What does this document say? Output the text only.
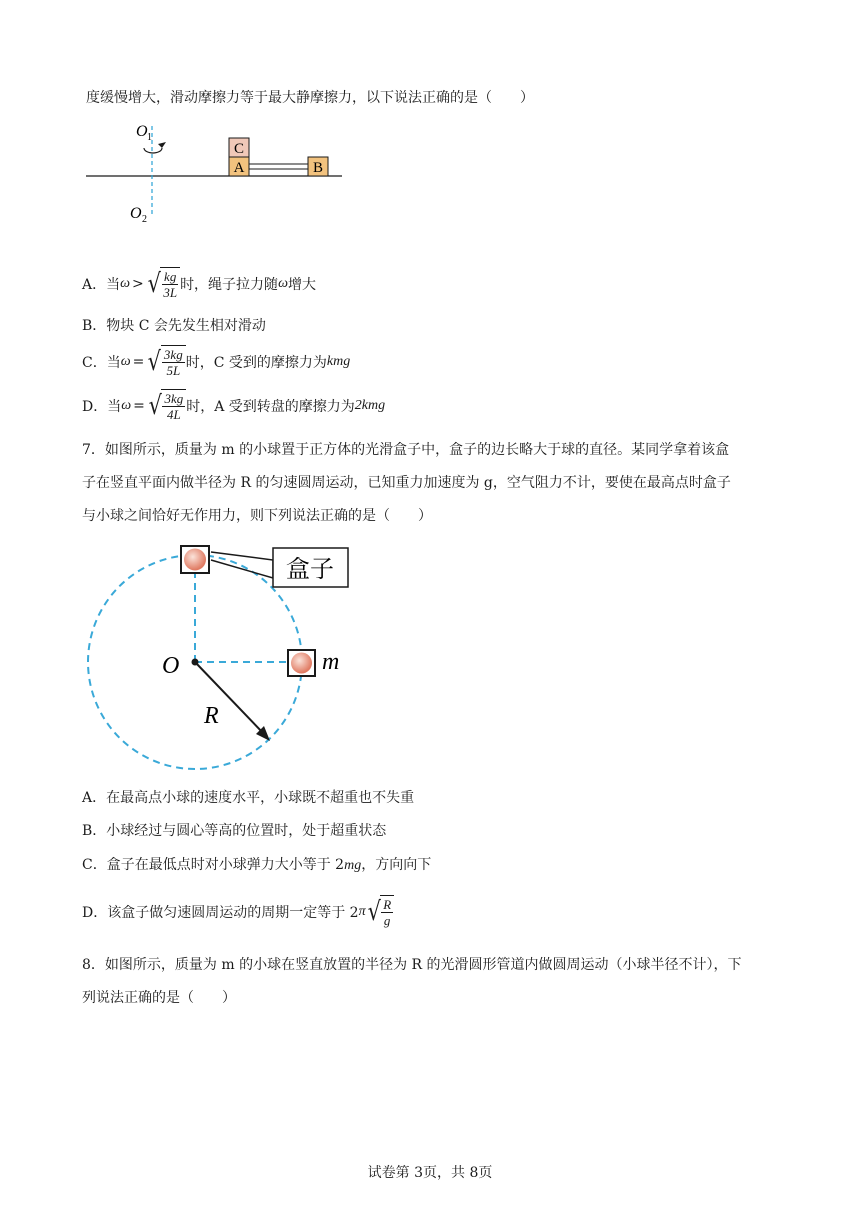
度缓慢增大，滑动摩擦力等于最大静摩擦力，以下说法正确的是（　　）
O 1
O 2
C
A	B
A． 当 ω > √ $\frac{kg}{3L}$ 时，绳子拉力随 ω 增大
B．物块 C 会先发生相对滑动
C． 当 ω = √ $\frac{3kg}{5L}$ 时，C 受到的摩擦力为 kmg
D． 当 ω = √ $\frac{3kg}{4L}$ 时，A 受到转盘的摩擦力为 2kmg
7．如图所示，质量为 m 的小球置于正方体的光滑盒子中，盒子的边长略大于球的直径。某同学拿着该盒
子在竖直平面内做半径为 R 的匀速圆周运动，已知重力加速度为 g，空气阻力不计，要使在最高点时盒子
与小球之间恰好无作用力，则下列说法正确的是（　　）
盒子
O
R
m
A．在最高点小球的速度水平，小球既不超重也不失重
B．小球经过与圆心等高的位置时，处于超重状态
C．盒子在最低点时对小球弹力大小等于 2mg，方向向下
D．该盒子做匀速圆周运动的周期一定等于 2 π √ $\frac{R}{g}$
8．如图所示，质量为 m 的小球在竖直放置的半径为 R 的光滑圆形管道内做圆周运动（小球半径不计），下
列说法正确的是（　　）
试卷第 3页，共 8页
